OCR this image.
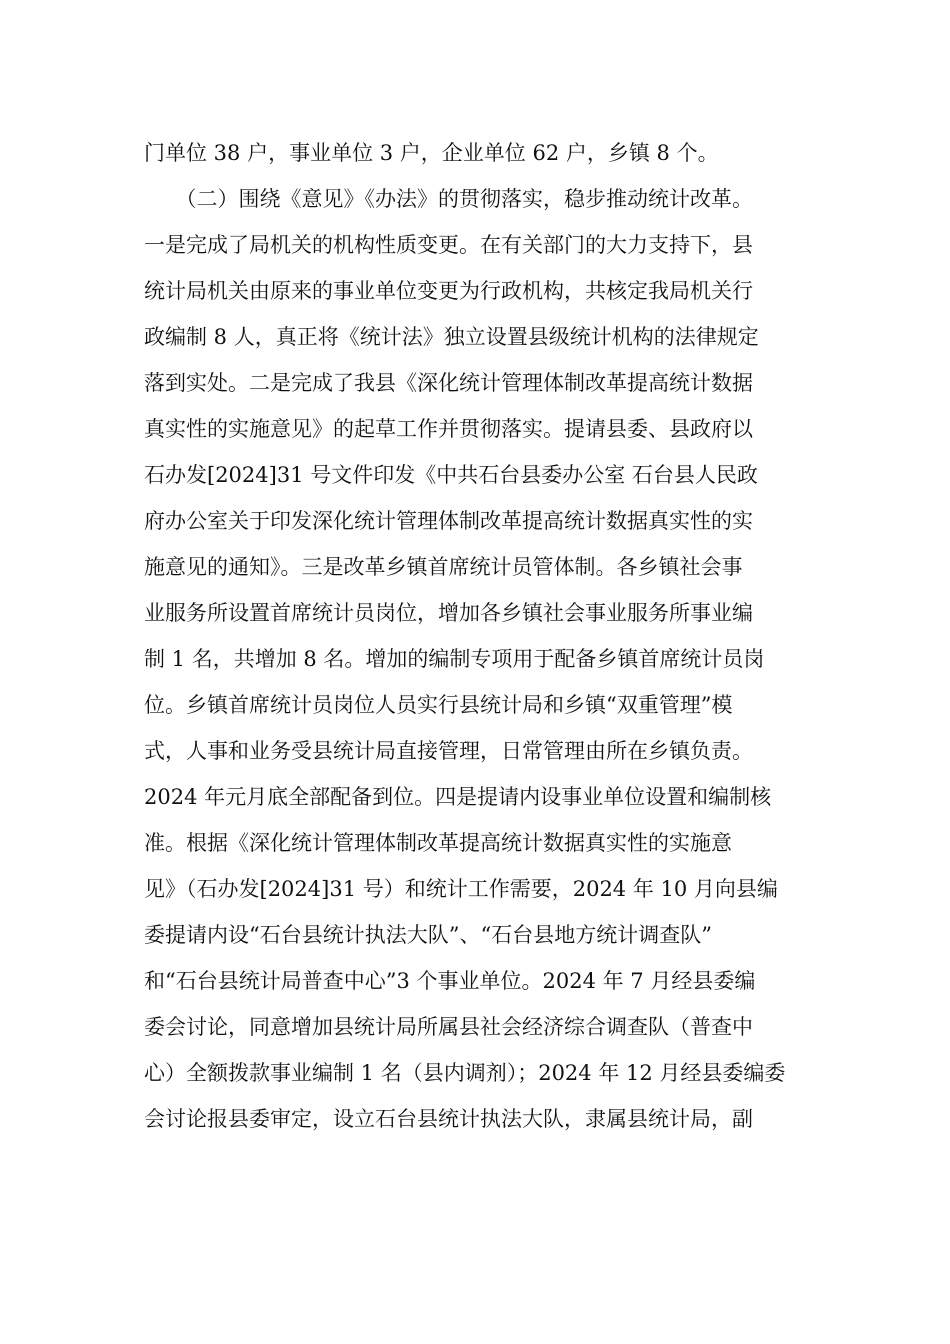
门单位 38 户，事业单位 3 户，企业单位 62 户，乡镇 8 个。
　　（二）围绕《意见》《办法》的贯彻落实，稳步推动统计改革。
一是完成了局机关的机构性质变更。在有关部门的大力支持下，县
统计局机关由原来的事业单位变更为行政机构，共核定我局机关行
政编制 8 人，真正将《统计法》独立设置县级统计机构的法律规定
落到实处。二是完成了我县《深化统计管理体制改革提高统计数据
真实性的实施意见》的起草工作并贯彻落实。提请县委、县政府以
石办发[2024]31 号文件印发《中共石台县委办公室 石台县人民政
府办公室关于印发深化统计管理体制改革提高统计数据真实性的实
施意见的通知》。三是改革乡镇首席统计员管体制。各乡镇社会事
业服务所设置首席统计员岗位，增加各乡镇社会事业服务所事业编
制 1 名，共增加 8 名。增加的编制专项用于配备乡镇首席统计员岗
位。乡镇首席统计员岗位人员实行县统计局和乡镇“双重管理”模
式，人事和业务受县统计局直接管理，日常管理由所在乡镇负责。
2024 年元月底全部配备到位。四是提请内设事业单位设置和编制核
准。根据《深化统计管理体制改革提高统计数据真实性的实施意
见》（石办发[2024]31 号）和统计工作需要，2024 年 10 月向县编
委提请内设“石台县统计执法大队”、“石台县地方统计调查队”
和“石台县统计局普查中心”3 个事业单位。2024 年 7 月经县委编
委会讨论，同意增加县统计局所属县社会经济综合调查队（普查中
心）全额拨款事业编制 1 名（县内调剂）；2024 年 12 月经县委编委
会讨论报县委审定，设立石台县统计执法大队，隶属县统计局，副
